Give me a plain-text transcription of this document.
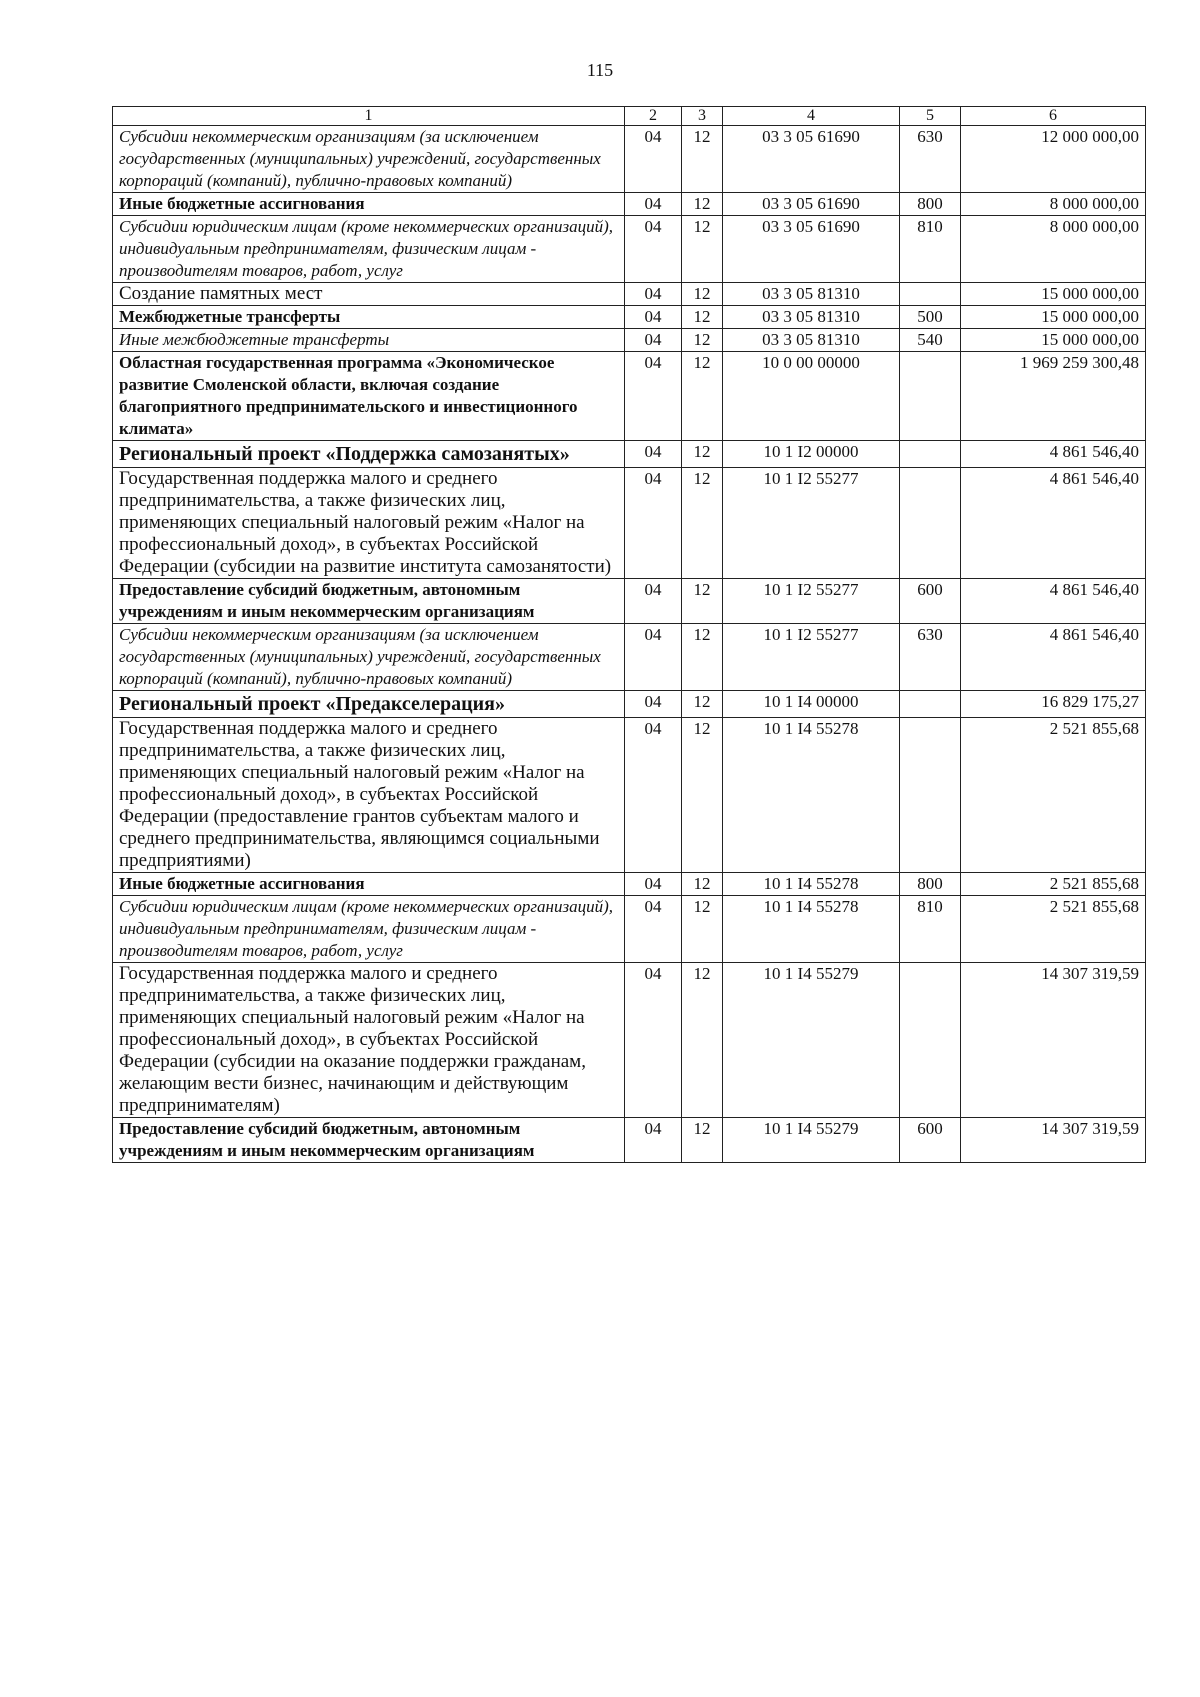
115
1	2	3	4	5	6
Субсидии некоммерческим организациям (за исключением государственных (муниципальных) учреждений, государственных корпораций (компаний), публично-правовых компаний)	04	12	03 3 05 61690	630	12 000 000,00
Иные бюджетные ассигнования	04	12	03 3 05 61690	800	8 000 000,00
Субсидии юридическим лицам (кроме некоммерческих организаций), индивидуальным предпринимателям, физическим лицам - производителям товаров, работ, услуг	04	12	03 3 05 61690	810	8 000 000,00
Создание памятных мест	04	12	03 3 05 81310		15 000 000,00
Межбюджетные трансферты	04	12	03 3 05 81310	500	15 000 000,00
Иные межбюджетные трансферты	04	12	03 3 05 81310	540	15 000 000,00
Областная государственная программа «Экономическое развитие Смоленской области, включая создание благоприятного предпринимательского и инвестиционного климата»	04	12	10 0 00 00000		1 969 259 300,48
Региональный проект «Поддержка самозанятых»	04	12	10 1 I2 00000		4 861 546,40
Государственная поддержка малого и среднего предпринимательства, а также физических лиц, применяющих специальный налоговый режим «Налог на профессиональный доход», в субъектах Российской Федерации (субсидии на развитие института самозанятости)	04	12	10 1 I2 55277		4 861 546,40
Предоставление субсидий бюджетным, автономным учреждениям и иным некоммерческим организациям	04	12	10 1 I2 55277	600	4 861 546,40
Субсидии некоммерческим организациям (за исключением государственных (муниципальных) учреждений, государственных корпораций (компаний), публично-правовых компаний)	04	12	10 1 I2 55277	630	4 861 546,40
Региональный проект «Предакселерация»	04	12	10 1 I4 00000		16 829 175,27
Государственная поддержка малого и среднего предпринимательства, а также физических лиц, применяющих специальный налоговый режим «Налог на профессиональный доход», в субъектах Российской Федерации (предоставление грантов субъектам малого и среднего предпринимательства, являющимся социальными предприятиями)	04	12	10 1 I4 55278		2 521 855,68
Иные бюджетные ассигнования	04	12	10 1 I4 55278	800	2 521 855,68
Субсидии юридическим лицам (кроме некоммерческих организаций), индивидуальным предпринимателям, физическим лицам - производителям товаров, работ, услуг	04	12	10 1 I4 55278	810	2 521 855,68
Государственная поддержка малого и среднего предпринимательства, а также физических лиц, применяющих специальный налоговый режим «Налог на профессиональный доход», в субъектах Российской Федерации (субсидии на оказание поддержки гражданам, желающим вести бизнес, начинающим и действующим предпринимателям)	04	12	10 1 I4 55279		14 307 319,59
Предоставление субсидий бюджетным, автономным учреждениям и иным некоммерческим организациям	04	12	10 1 I4 55279	600	14 307 319,59
